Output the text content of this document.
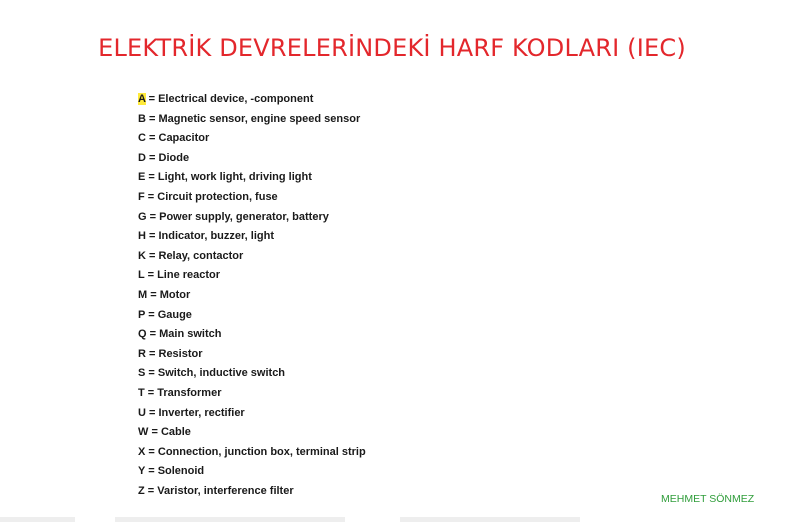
ELEKTRİK DEVRELERİNDEKİ HARF KODLARI (IEC)
A = Electrical device, -component
B = Magnetic sensor, engine speed sensor
C = Capacitor
D = Diode
E = Light, work light, driving light
F = Circuit protection, fuse
G = Power supply, generator, battery
H = Indicator, buzzer, light
K = Relay, contactor
L = Line reactor
M = Motor
P = Gauge
Q = Main switch
R = Resistor
S = Switch, inductive switch
T = Transformer
U = Inverter, rectifier
W = Cable
X = Connection, junction box, terminal strip
Y = Solenoid
Z = Varistor, interference filter
MEHMET SÖNMEZ
